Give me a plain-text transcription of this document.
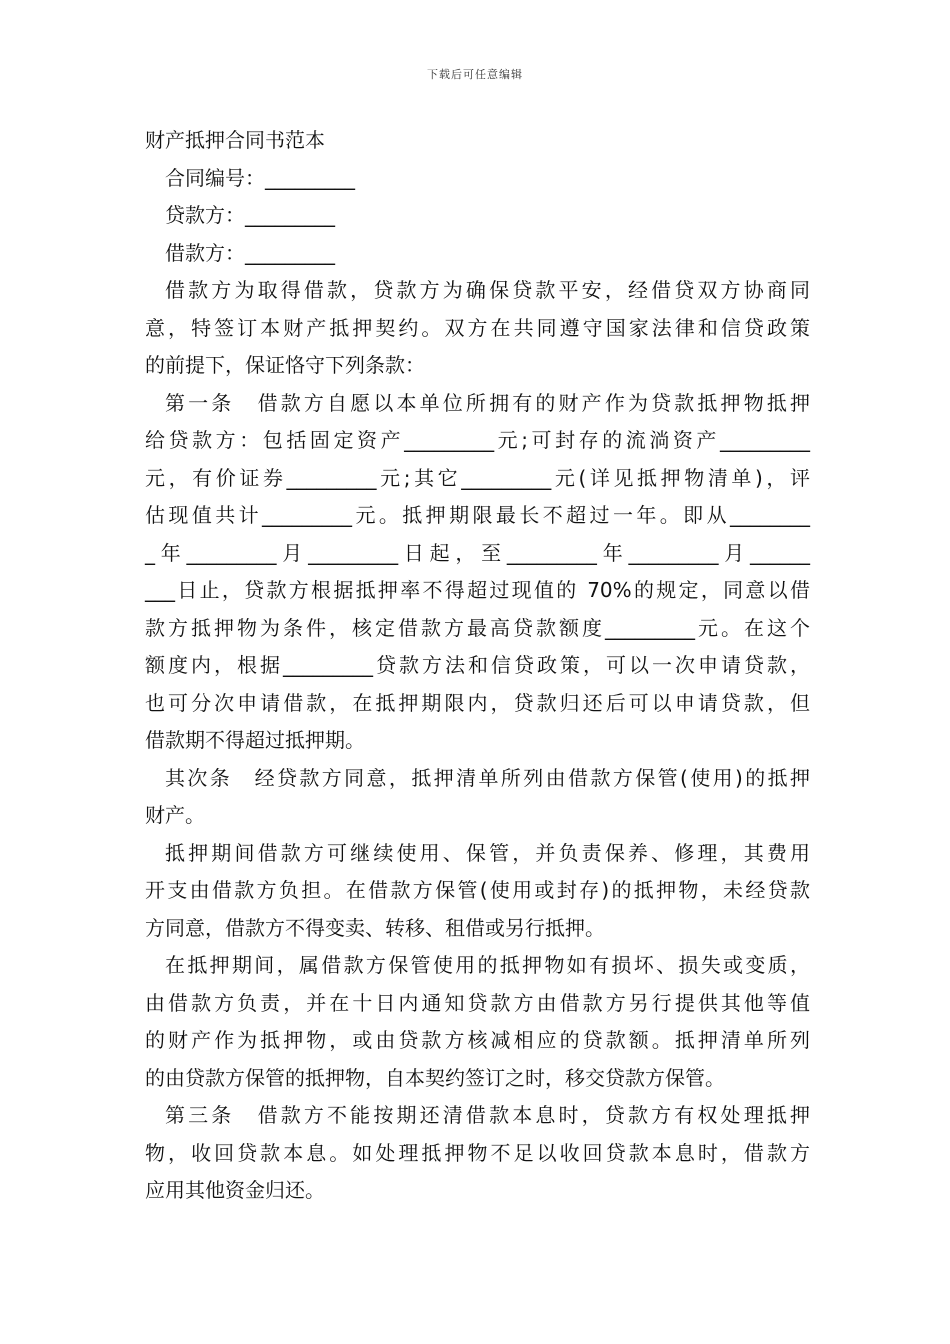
下载后可任意编辑
财产抵押合同书范本
合同编号：_________
贷款方：_________
借款方：_________
借款方为取得借款，贷款方为确保贷款平安，经借贷双方协商同
意，特签订本财产抵押契约。双方在共同遵守国家法律和信贷政策
的前提下，保证恪守下列条款：
第一条　借款方自愿以本单位所拥有的财产作为贷款抵押物抵押
给贷款方：包括固定资产_________元;可封存的流淌资产_________
元，有价证券_________元;其它_________元(详见抵押物清单)，评
估现值共计_________元。抵押期限最长不超过一年。即从________
_年_________月_________日起，至_________年_________月______
___日止，贷款方根据抵押率不得超过现值的 70%的规定，同意以借
款方抵押物为条件，核定借款方最高贷款额度_________元。在这个
额度内，根据_________贷款方法和信贷政策，可以一次申请贷款，
也可分次申请借款，在抵押期限内，贷款归还后可以申请贷款，但
借款期不得超过抵押期。
其次条　经贷款方同意，抵押清单所列由借款方保管(使用)的抵押
财产。
抵押期间借款方可继续使用、保管，并负责保养、修理，其费用
开支由借款方负担。在借款方保管(使用或封存)的抵押物，未经贷款
方同意，借款方不得变卖、转移、租借或另行抵押。
在抵押期间，属借款方保管使用的抵押物如有损坏、损失或变质，
由借款方负责，并在十日内通知贷款方由借款方另行提供其他等值
的财产作为抵押物，或由贷款方核减相应的贷款额。抵押清单所列
的由贷款方保管的抵押物，自本契约签订之时，移交贷款方保管。
第三条　借款方不能按期还清借款本息时，贷款方有权处理抵押
物，收回贷款本息。如处理抵押物不足以收回贷款本息时，借款方
应用其他资金归还。
